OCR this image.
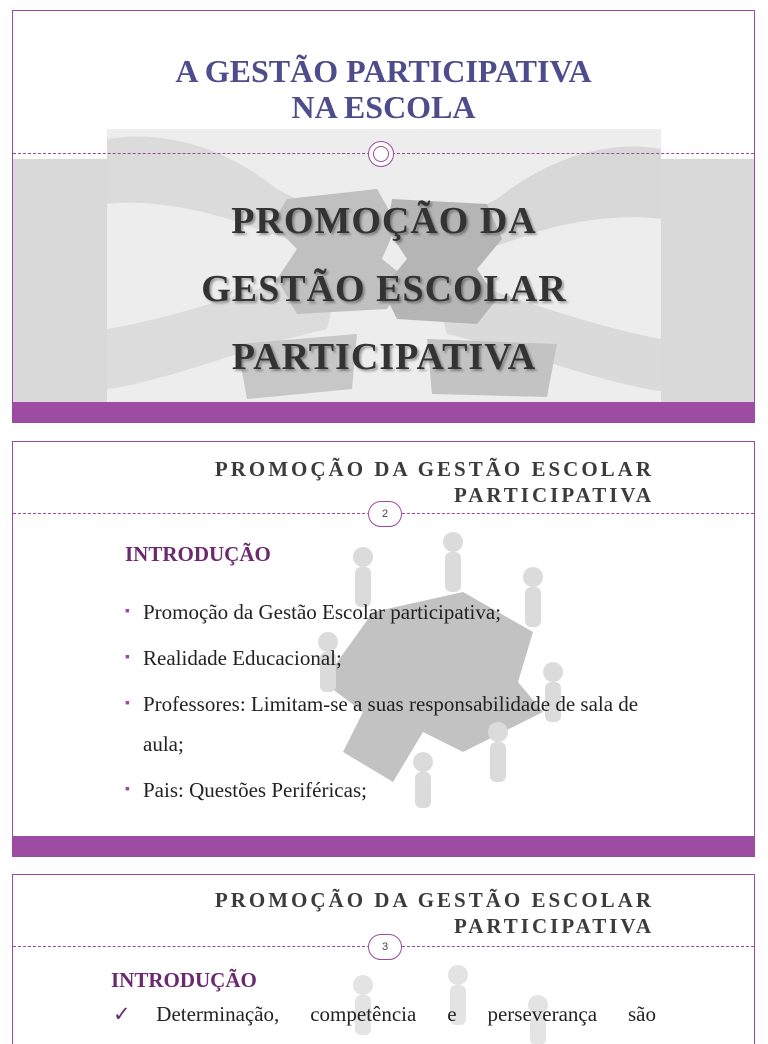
A GESTÃO PARTICIPATIVA
NA ESCOLA
PROMOÇÃO DA
GESTÃO ESCOLAR
PARTICIPATIVA
PROMOÇÃO DA GESTÃO ESCOLAR
PARTICIPATIVA
2
INTRODUÇÃO
▪ Promoção da Gestão Escolar participativa;
▪ Realidade Educacional;
▪ Professores: Limitam-se a suas responsabilidade de sala de aula;
▪ Pais: Questões Periféricas;
PROMOÇÃO DA GESTÃO ESCOLAR
PARTICIPATIVA
3
INTRODUÇÃO
✓Determinação, competência e perseverança são
